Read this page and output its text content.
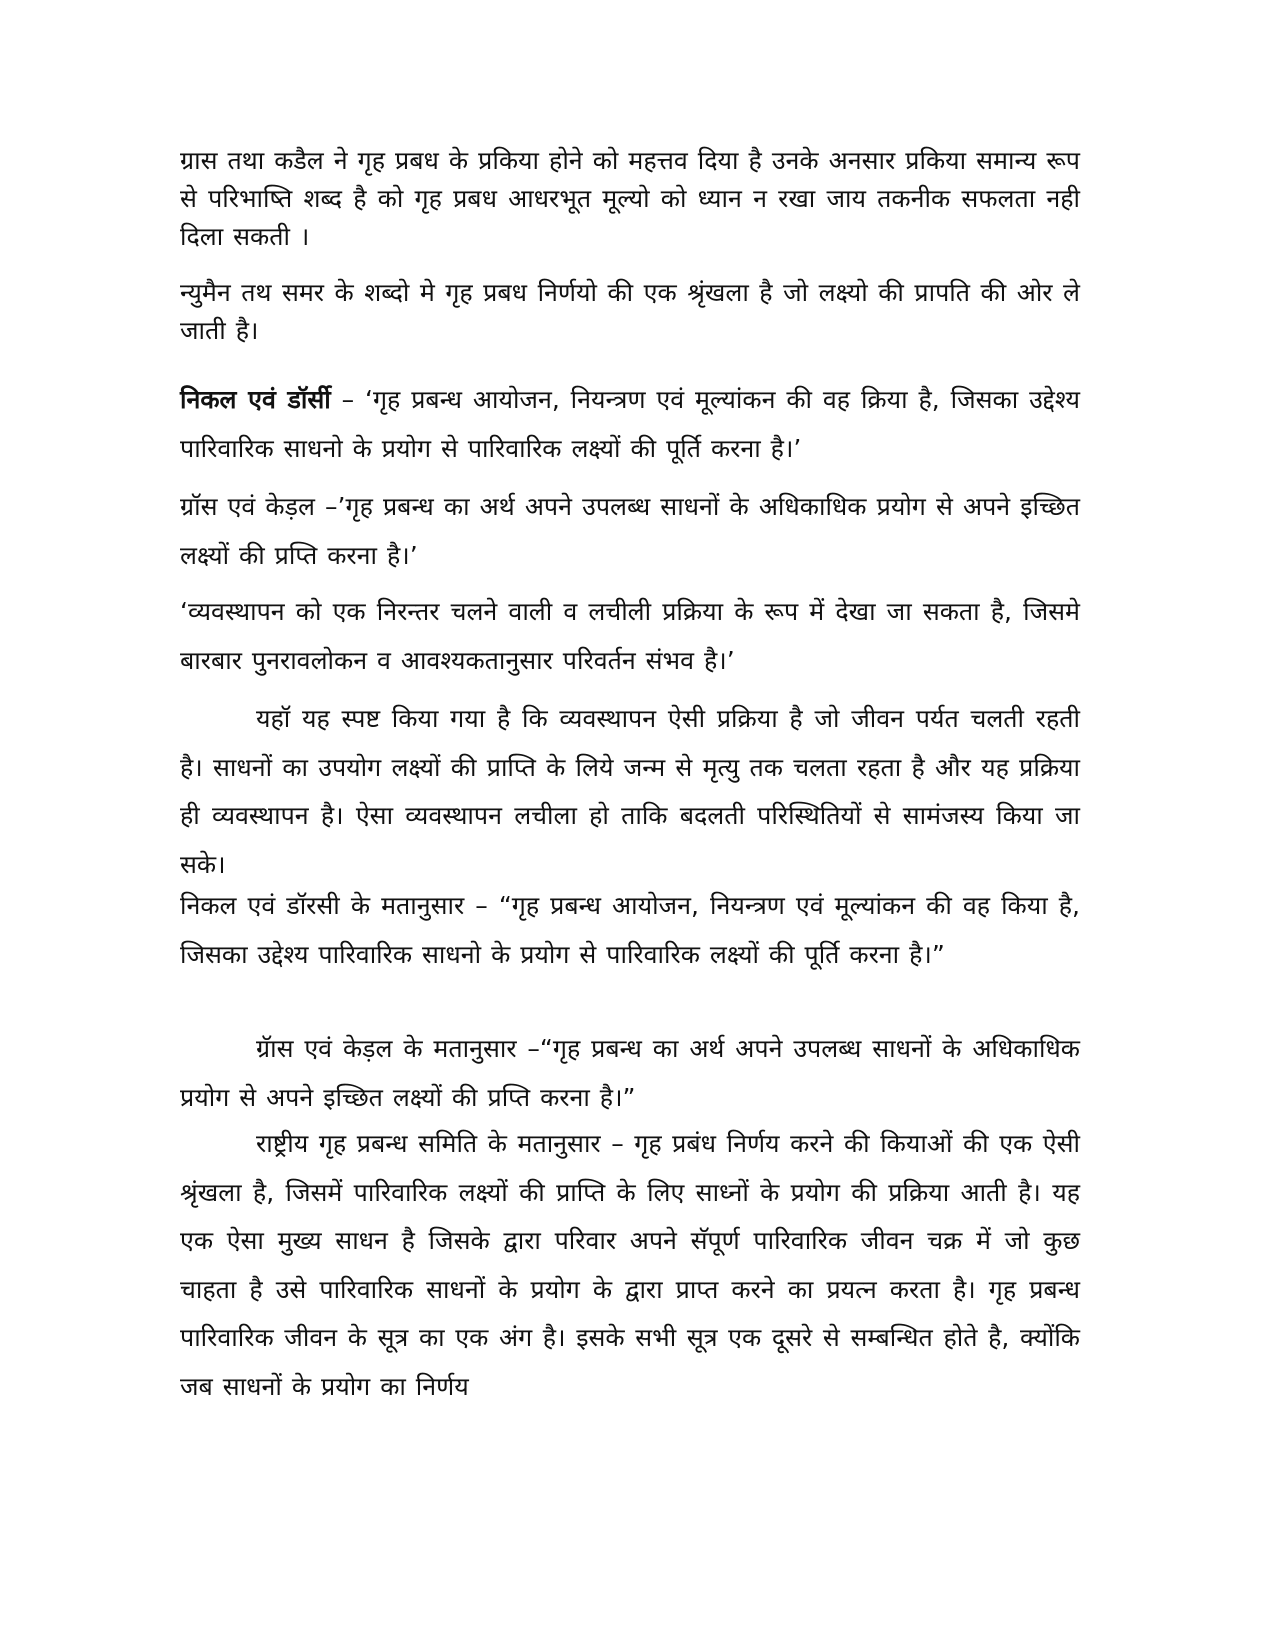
ग्रास तथा कडैल ने गृह प्रबध के प्रकिया होने को महत्तव दिया है उनके अनसार प्रकिया समान्य रूप से परिभाष्ति शब्द है को गृह प्रबध आधरभूत मूल्यो को ध्यान न रखा जाय तकनीक सफलता नही दिला सकती ।

न्युमैन तथ समर के शब्दो मे गृह प्रबध निर्णयो की एक श्रृंखला है जो लक्ष्यो की प्रापति की ओर ले जाती है।

निकल एवं डॉर्सी – ‘गृह प्रबन्ध आयोजन, नियन्त्रण एवं मूल्यांकन की वह क्रिया है, जिसका उद्देश्य पारिवारिक साधनो के प्रयोग से पारिवारिक लक्ष्यों की पूर्ति करना है।’

ग्रॉस एवं केड़ल –’गृह प्रबन्ध का अर्थ अपने उपलब्ध साधनों के अधिकाधिक प्रयोग से अपने इच्छित लक्ष्यों की प्रप्ति करना है।’

‘व्यवस्थापन को एक निरन्तर चलने वाली व लचीली प्रक्रिया के रूप में देखा जा सकता है, जिसमे बारबार पुनरावलोकन व आवश्यकतानुसार परिवर्तन संभव है।’

यहॉ यह स्पष्ट किया गया है कि व्यवस्थापन ऐसी प्रक्रिया है जो जीवन पर्यत चलती रहती है। साधनों का उपयोग लक्ष्यों की प्राप्ति के लिये जन्म से मृत्यु तक चलता रहता है और यह प्रक्रिया ही व्यवस्थापन है। ऐसा व्यवस्थापन लचीला हो ताकि बदलती परिस्थितियों से सामंजस्य किया जा सके।

निकल एवं डॉरसी के मतानुसार – “गृह प्रबन्ध आयोजन, नियन्त्रण एवं मूल्यांकन की वह किया है, जिसका उद्देश्य पारिवारिक साधनो के प्रयोग से पारिवारिक लक्ष्यों की पूर्ति करना है।”

ग्रॅास एवं केड़ल के मतानुसार –“गृह प्रबन्ध का अर्थ अपने उपलब्ध साधनों के अधिकाधिक प्रयोग से अपने इच्छित लक्ष्यों की प्रप्ति करना है।”

राष्ट्रीय गृह प्रबन्ध समिति के मतानुसार – गृह प्रबंध निर्णय करने की कियाओं की एक ऐसी श्रृंखला है, जिसमें पारिवारिक लक्ष्यों की प्राप्ति के लिए साध्नों के प्रयोग की प्रक्रिया आती है। यह एक ऐसा मुख्य साधन है जिसके द्वारा परिवार अपने सॅपूर्ण पारिवारिक जीवन चक्र में जो कुछ चाहता है उसे पारिवारिक साधनों के प्रयोग के द्वारा प्राप्त करने का प्रयत्न करता है। गृह प्रबन्ध पारिवारिक जीवन के सूत्र का एक अंग है। इसके सभी सूत्र एक दूसरे से सम्बन्धित होते है, क्योंकि जब साधनों के प्रयोग का निर्णय
